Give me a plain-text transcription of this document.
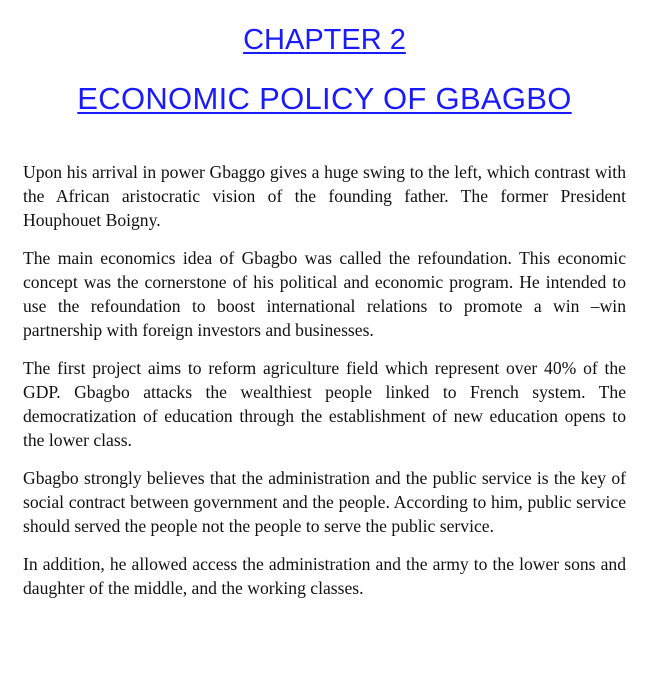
CHAPTER 2
ECONOMIC POLICY OF GBAGBO

Upon his arrival in power Gbaggo gives a huge swing to the left, which contrast with the African aristocratic vision of the founding father. The former President Houphouet Boigny.

The main economics idea of Gbagbo was called the refoundation. This economic concept was the cornerstone of his political and economic program. He intended to use the refoundation to boost international relations to promote a win –win partnership with foreign investors and businesses.

The first project aims to reform agriculture field which represent over 40% of the GDP. Gbagbo attacks the wealthiest people linked to French system. The democratization of education through the establishment of new education opens to the lower class.

Gbagbo strongly believes that the administration and the public service is the key of social contract between government and the people. According to him, public service should served the people not the people to serve the public service.

In addition, he allowed access the administration and the army to the lower sons and daughter of the middle, and the working classes.
